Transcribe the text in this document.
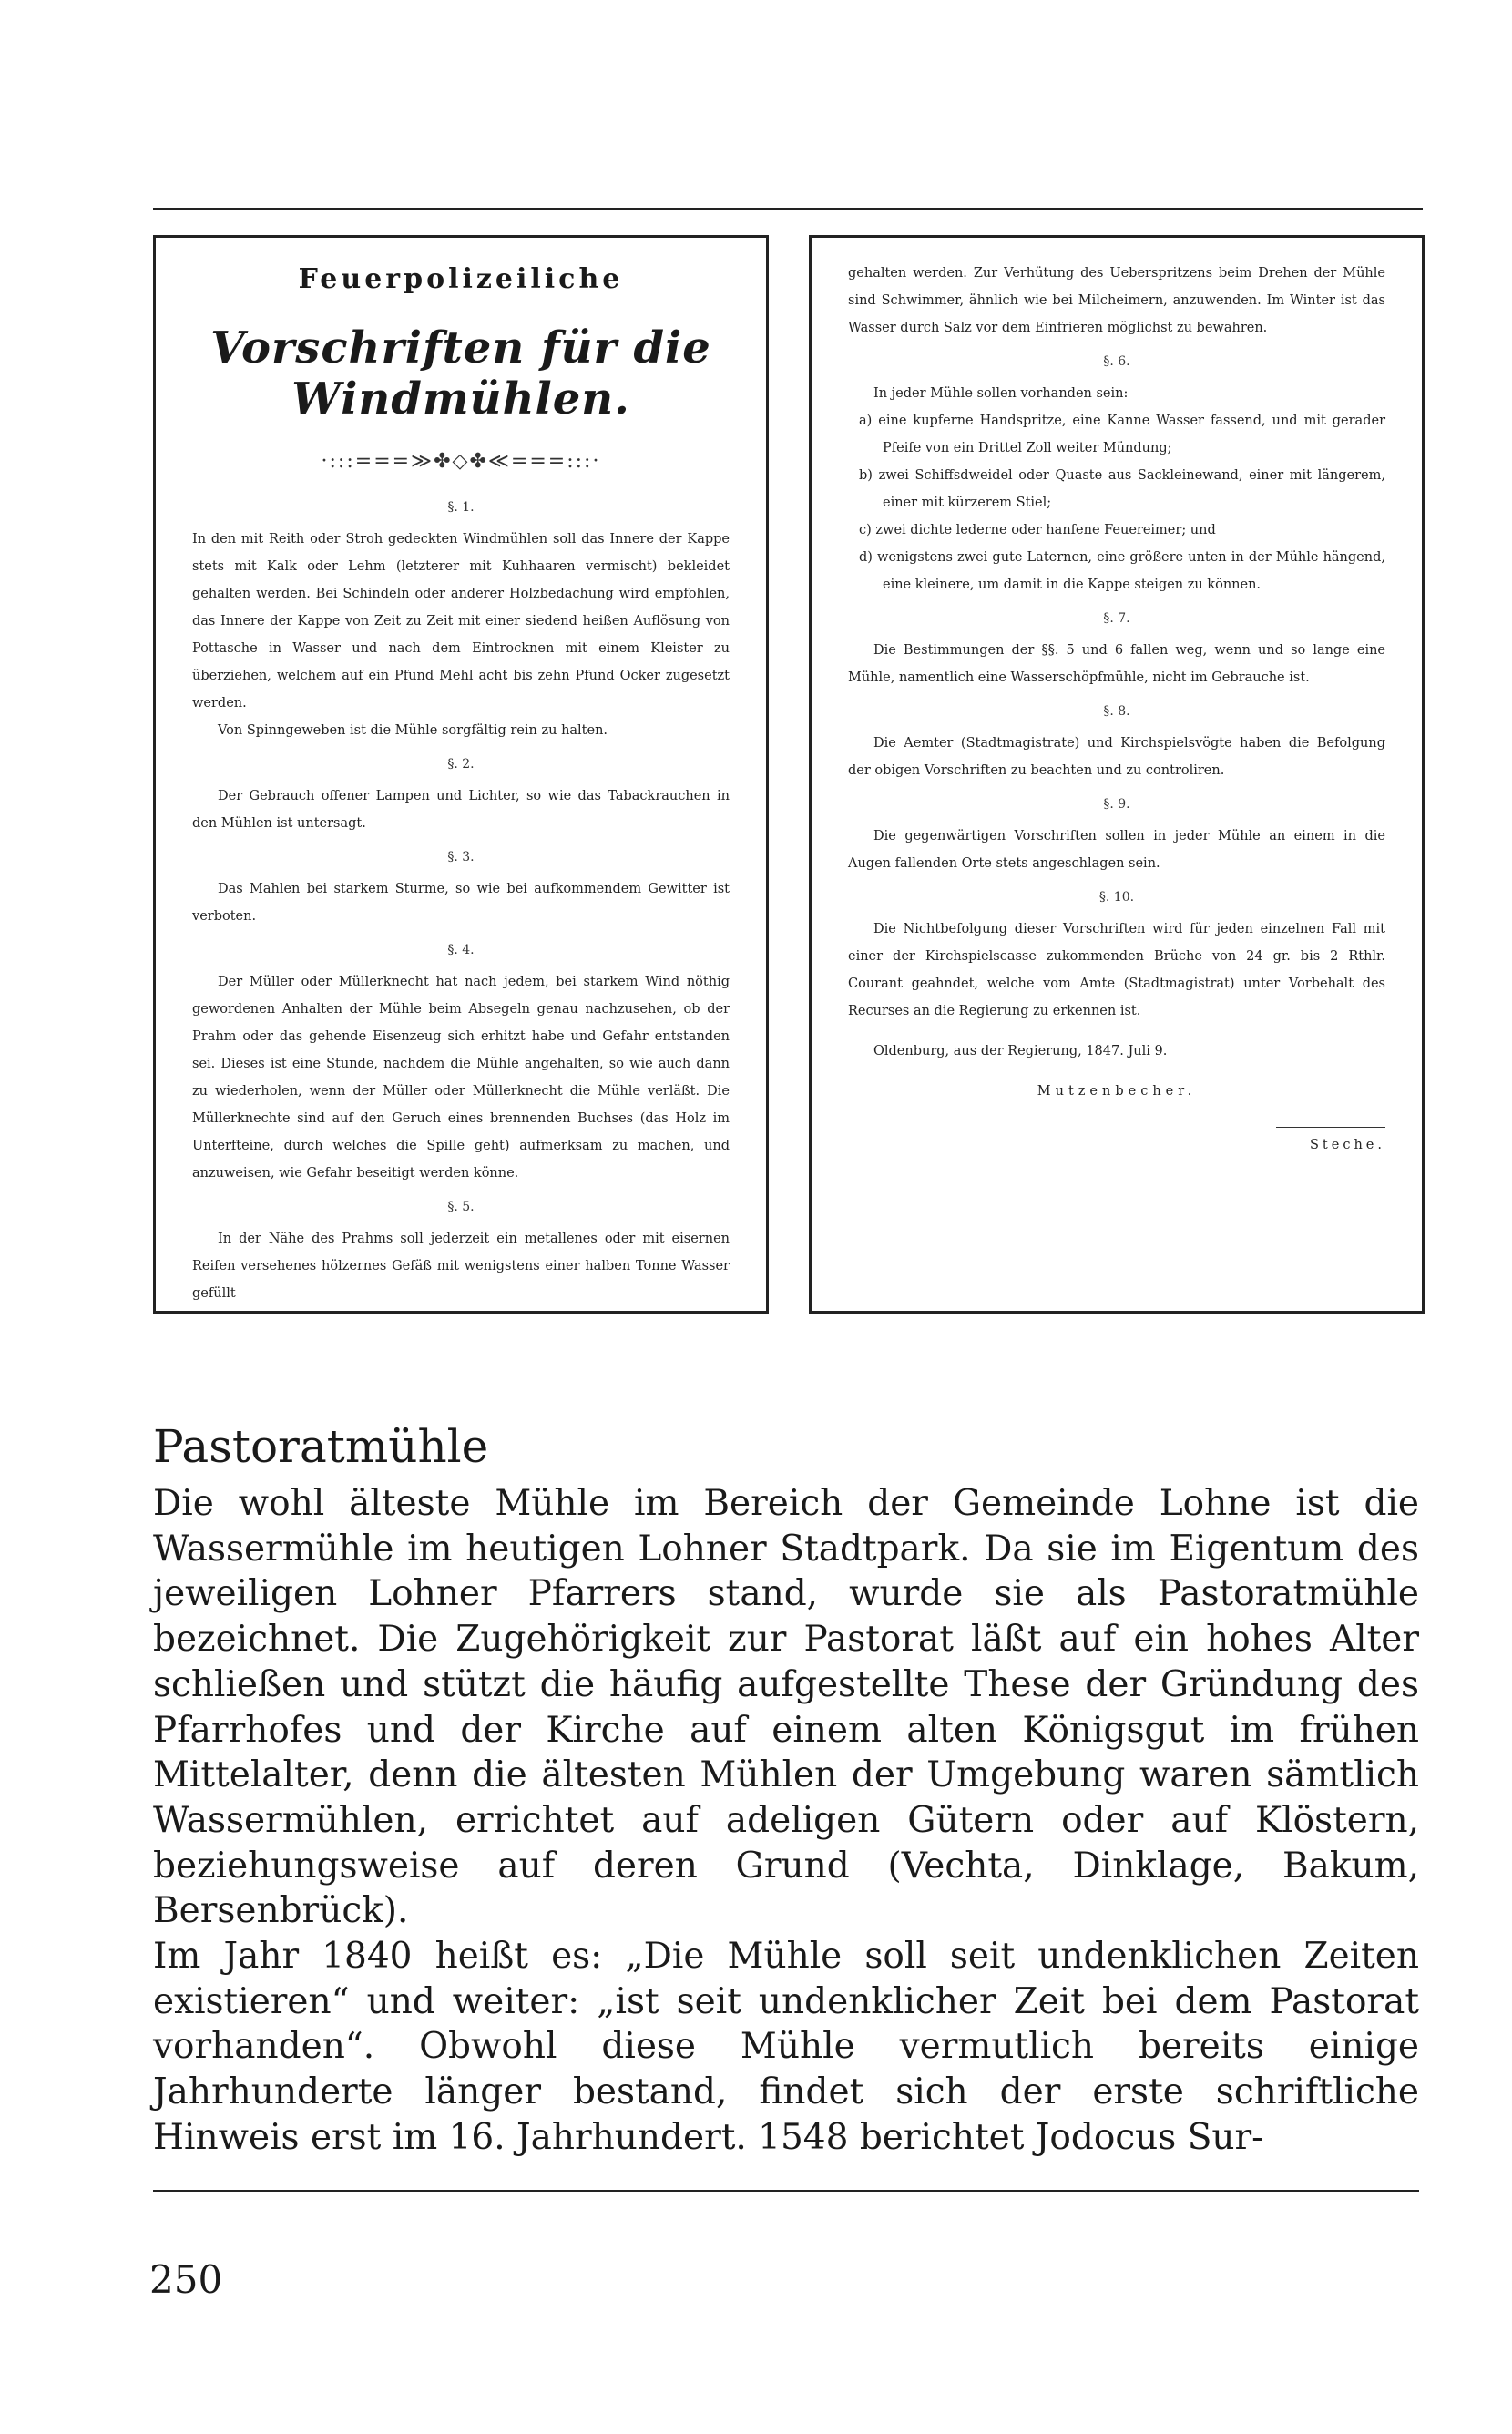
Feuerpolizeiliche
Vorschriften für die Windmühlen.
·:::===≫✤◇✤≪===:::·
§. 1.

In den mit Reith oder Stroh gedeckten Windmühlen soll das Innere der Kappe stets mit Kalk oder Lehm (letzterer mit Kuhhaaren vermischt) bekleidet gehalten werden. Bei Schindeln oder anderer Holzbedachung wird empfohlen, das Innere der Kappe von Zeit zu Zeit mit einer siedend heißen Auflösung von Pottasche in Wasser und nach dem Eintrocknen mit einem Kleister zu überziehen, welchem auf ein Pfund Mehl acht bis zehn Pfund Ocker zugesetzt werden.

Von Spinngeweben ist die Mühle sorgfältig rein zu halten.

§. 2.

Der Gebrauch offener Lampen und Lichter, so wie das Tabackrauchen in den Mühlen ist untersagt.

§. 3.

Das Mahlen bei starkem Sturme, so wie bei aufkommendem Gewitter ist verboten.

§. 4.

Der Müller oder Müllerknecht hat nach jedem, bei starkem Wind nöthig gewordenen Anhalten der Mühle beim Absegeln genau nachzusehen, ob der Prahm oder das gehende Eisenzeug sich erhitzt habe und Gefahr entstanden sei. Dieses ist eine Stunde, nachdem die Mühle angehalten, so wie auch dann zu wiederholen, wenn der Müller oder Müllerknecht die Mühle verläßt. Die Müllerknechte sind auf den Geruch eines brennenden Buchses (das Holz im Unterfteine, durch welches die Spille geht) aufmerksam zu machen, und anzuweisen, wie Gefahr beseitigt werden könne.

§. 5.

In der Nähe des Prahms soll jederzeit ein metallenes oder mit eisernen Reifen versehenes hölzernes Gefäß mit wenigstens einer halben Tonne Wasser gefüllt

gehalten werden. Zur Verhütung des Ueberspritzens beim Drehen der Mühle sind Schwimmer, ähnlich wie bei Milcheimern, anzuwenden. Im Winter ist das Wasser durch Salz vor dem Einfrieren möglichst zu bewahren.

§. 6.

In jeder Mühle sollen vorhanden sein:

a) eine kupferne Handspritze, eine Kanne Wasser fassend, und mit gerader Pfeife von ein Drittel Zoll weiter Mündung;

b) zwei Schiffsdweidel oder Quaste aus Sackleinewand, einer mit längerem, einer mit kürzerem Stiel;

c) zwei dichte lederne oder hanfene Feuereimer; und

d) wenigstens zwei gute Laternen, eine größere unten in der Mühle hängend, eine kleinere, um damit in die Kappe steigen zu können.

§. 7.

Die Bestimmungen der §§. 5 und 6 fallen weg, wenn und so lange eine Mühle, namentlich eine Wasserschöpfmühle, nicht im Gebrauche ist.

§. 8.

Die Aemter (Stadtmagistrate) und Kirchspielsvögte haben die Befolgung der obigen Vorschriften zu beachten und zu controliren.

§. 9.

Die gegenwärtigen Vorschriften sollen in jeder Mühle an einem in die Augen fallenden Orte stets angeschlagen sein.

§. 10.

Die Nichtbefolgung dieser Vorschriften wird für jeden einzelnen Fall mit einer der Kirchspielscasse zukommenden Brüche von 24 gr. bis 2 Rthlr. Courant geahndet, welche vom Amte (Stadtmagistrat) unter Vorbehalt des Recurses an die Regierung zu erkennen ist.

Oldenburg, aus der Regierung, 1847. Juli 9.

Mutzenbecher.

Steche.

Pastoratmühle

Die wohl älteste Mühle im Bereich der Gemeinde Lohne ist die Wassermühle im heutigen Lohner Stadtpark. Da sie im Eigentum des jeweiligen Lohner Pfarrers stand, wurde sie als Pastoratmühle bezeichnet. Die Zugehörigkeit zur Pastorat läßt auf ein hohes Alter schließen und stützt die häufig aufgestellte These der Gründung des Pfarrhofes und der Kirche auf einem alten Königsgut im frühen Mittelalter, denn die ältesten Mühlen der Umgebung waren sämtlich Wassermühlen, errichtet auf adeligen Gütern oder auf Klöstern, beziehungsweise auf deren Grund (Vechta, Dinklage, Bakum, Bersenbrück).

Im Jahr 1840 heißt es: „Die Mühle soll seit undenklichen Zeiten existieren“ und weiter: „ist seit undenklicher Zeit bei dem Pastorat vorhanden“. Obwohl diese Mühle vermutlich bereits einige Jahrhunderte länger bestand, findet sich der erste schriftliche Hinweis erst im 16. Jahrhundert. 1548 berichtet Jodocus Sur-

250
